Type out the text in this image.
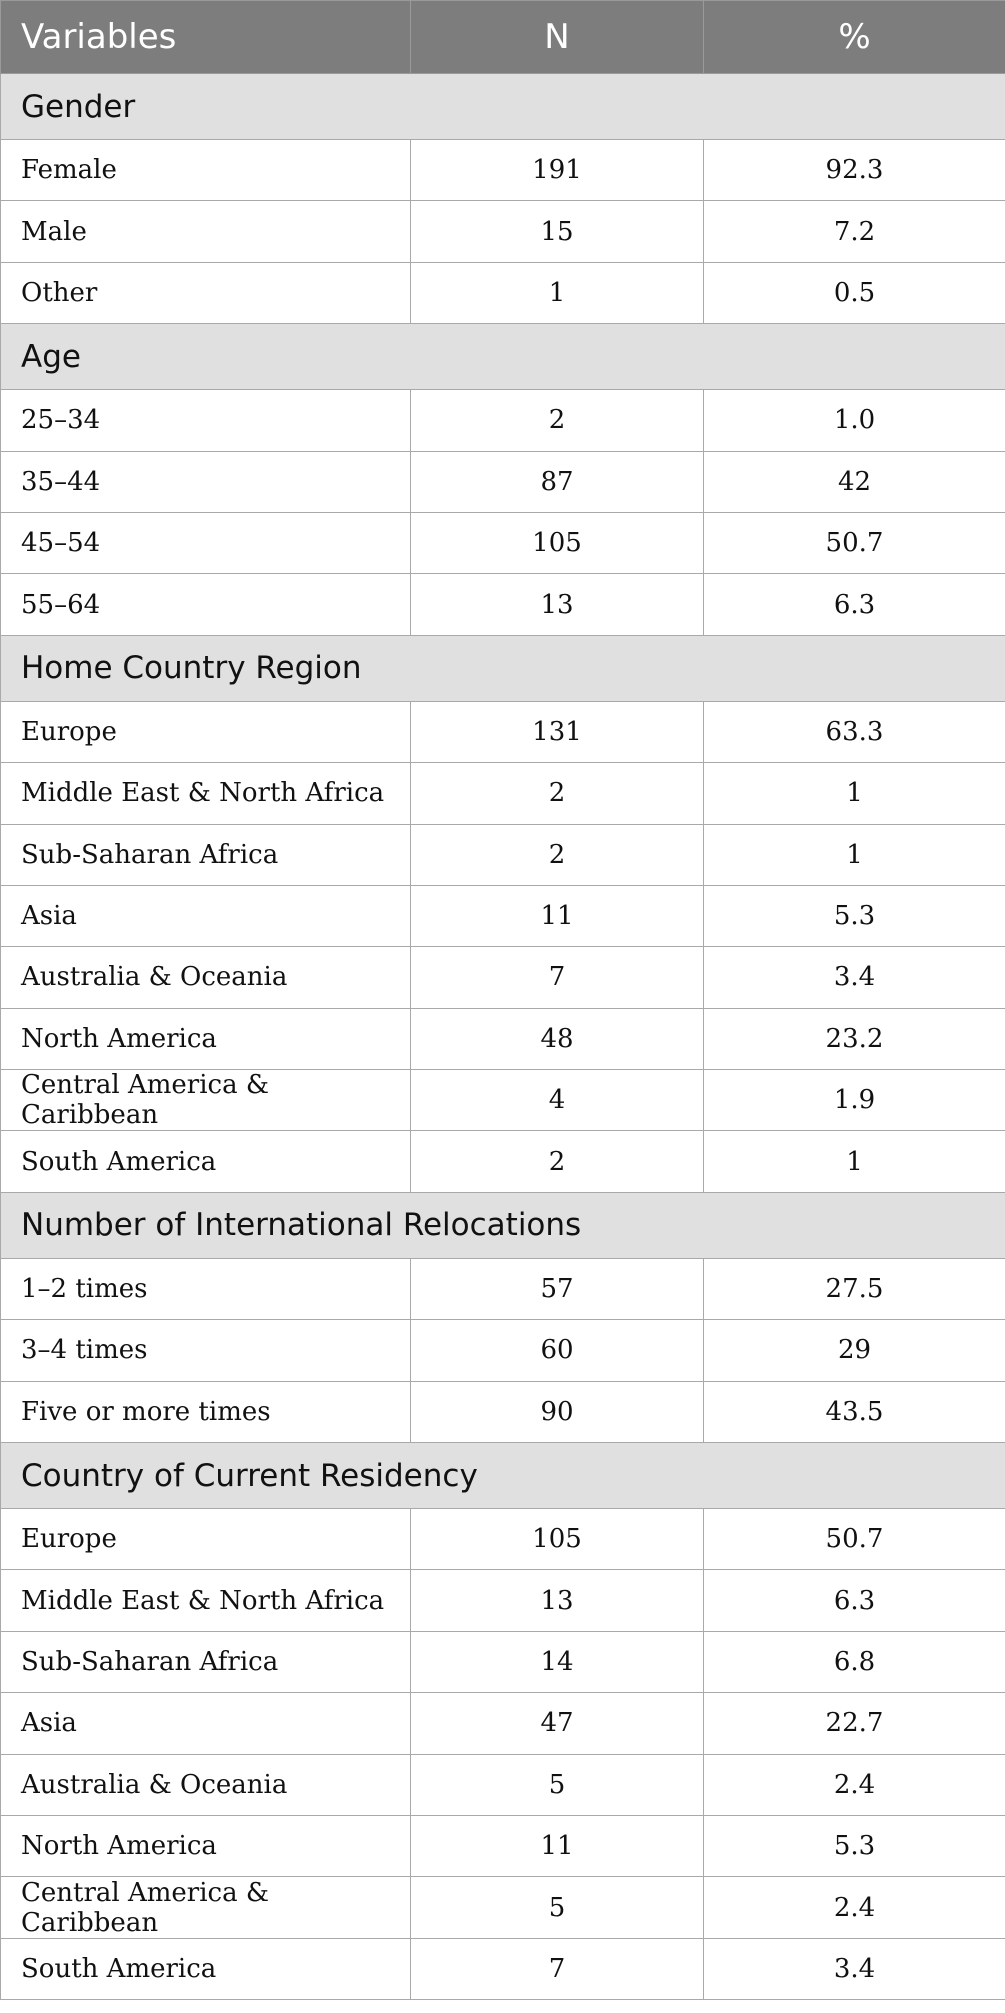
Variables	N	%
Gender		
Female	191	92.3
Male	15	7.2
Other	1	0.5
Age		
25–34	2	1.0
35–44	87	42
45–54	105	50.7
55–64	13	6.3
Home Country Region		
Europe	131	63.3
Middle East & North Africa	2	1
Sub-Saharan Africa	2	1
Asia	11	5.3
Australia & Oceania	7	3.4
North America	48	23.2
Central America & Caribbean	4	1.9
South America	2	1
Number of International Relocations		
1–2 times	57	27.5
3–4 times	60	29
Five or more times	90	43.5
Country of Current Residency		
Europe	105	50.7
Middle East & North Africa	13	6.3
Sub-Saharan Africa	14	6.8
Asia	47	22.7
Australia & Oceania	5	2.4
North America	11	5.3
Central America & Caribbean	5	2.4
South America	7	3.4
